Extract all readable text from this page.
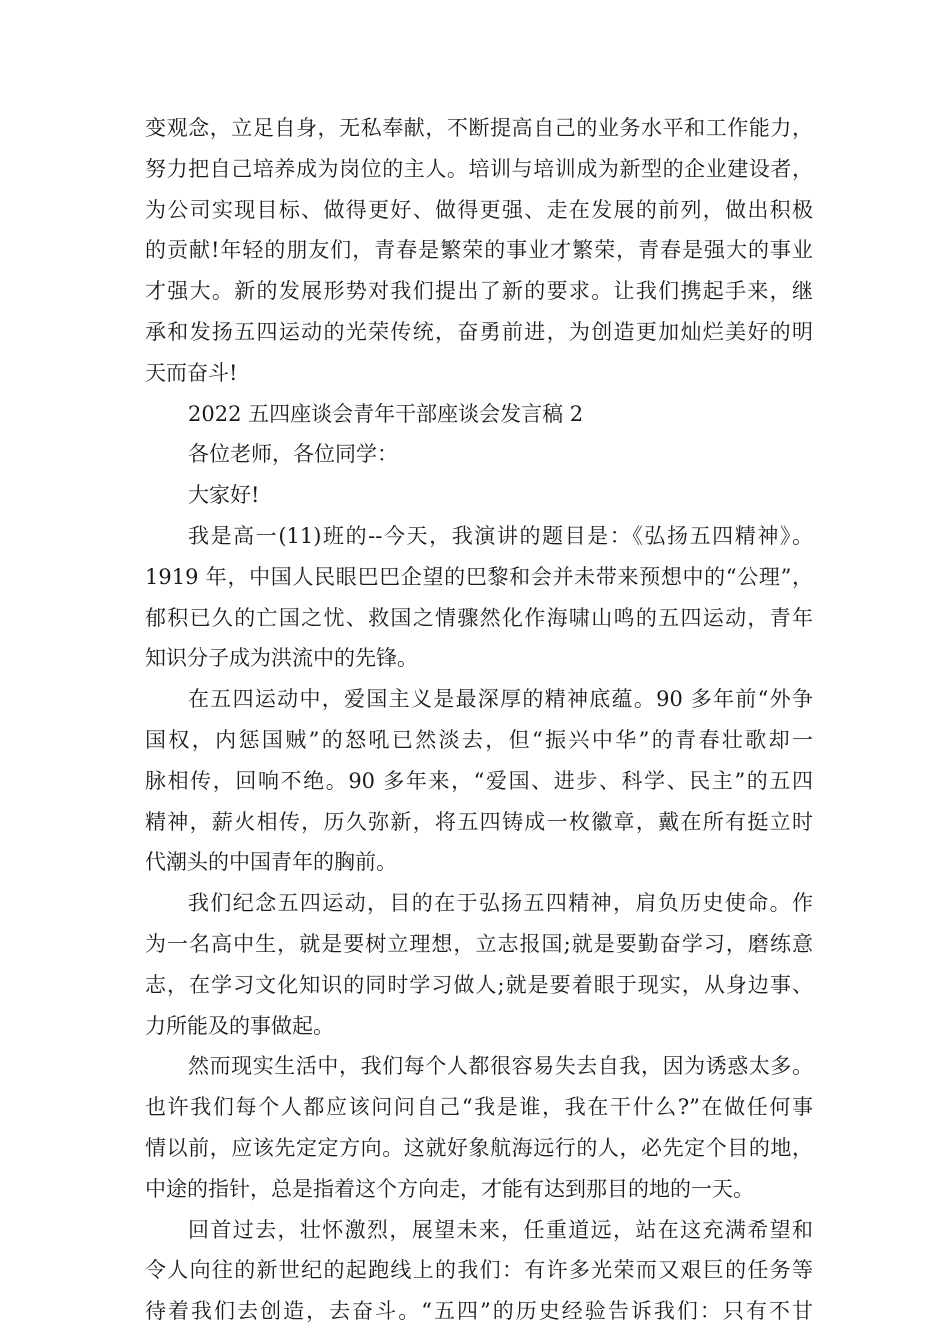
变观念，立足自身，无私奉献，不断提高自己的业务水平和工作能力，
努力把自己培养成为岗位的主人。培训与培训成为新型的企业建设者，
为公司实现目标、做得更好、做得更强、走在发展的前列，做出积极
的贡献!年轻的朋友们，青春是繁荣的事业才繁荣，青春是强大的事业
才强大。新的发展形势对我们提出了新的要求。让我们携起手来，继
承和发扬五四运动的光荣传统，奋勇前进，为创造更加灿烂美好的明
天而奋斗!
2022 五四座谈会青年干部座谈会发言稿 2
各位老师，各位同学：
大家好!
我是高一(11)班的--今天，我演讲的题目是：《弘扬五四精神》。
1919 年，中国人民眼巴巴企望的巴黎和会并未带来预想中的“公理”，
郁积已久的亡国之忧、救国之情骤然化作海啸山鸣的五四运动，青年
知识分子成为洪流中的先锋。
在五四运动中，爱国主义是最深厚的精神底蕴。90 多年前“外争
国权，内惩国贼”的怒吼已然淡去，但“振兴中华”的青春壮歌却一
脉相传，回响不绝。90 多年来，“爱国、进步、科学、民主”的五四
精神，薪火相传，历久弥新，将五四铸成一枚徽章，戴在所有挺立时
代潮头的中国青年的胸前。
我们纪念五四运动，目的在于弘扬五四精神，肩负历史使命。作
为一名高中生，就是要树立理想，立志报国;就是要勤奋学习，磨练意
志，在学习文化知识的同时学习做人;就是要着眼于现实，从身边事、
力所能及的事做起。
然而现实生活中，我们每个人都很容易失去自我，因为诱惑太多。
也许我们每个人都应该问问自己“我是谁，我在干什么?”在做任何事
情以前，应该先定定方向。这就好象航海远行的人，必先定个目的地，
中途的指针，总是指着这个方向走，才能有达到那目的地的一天。
回首过去，壮怀激烈，展望未来，任重道远，站在这充满希望和
令人向往的新世纪的起跑线上的我们：有许多光荣而又艰巨的任务等
待着我们去创造，去奋斗。“五四”的历史经验告诉我们：只有不甘
